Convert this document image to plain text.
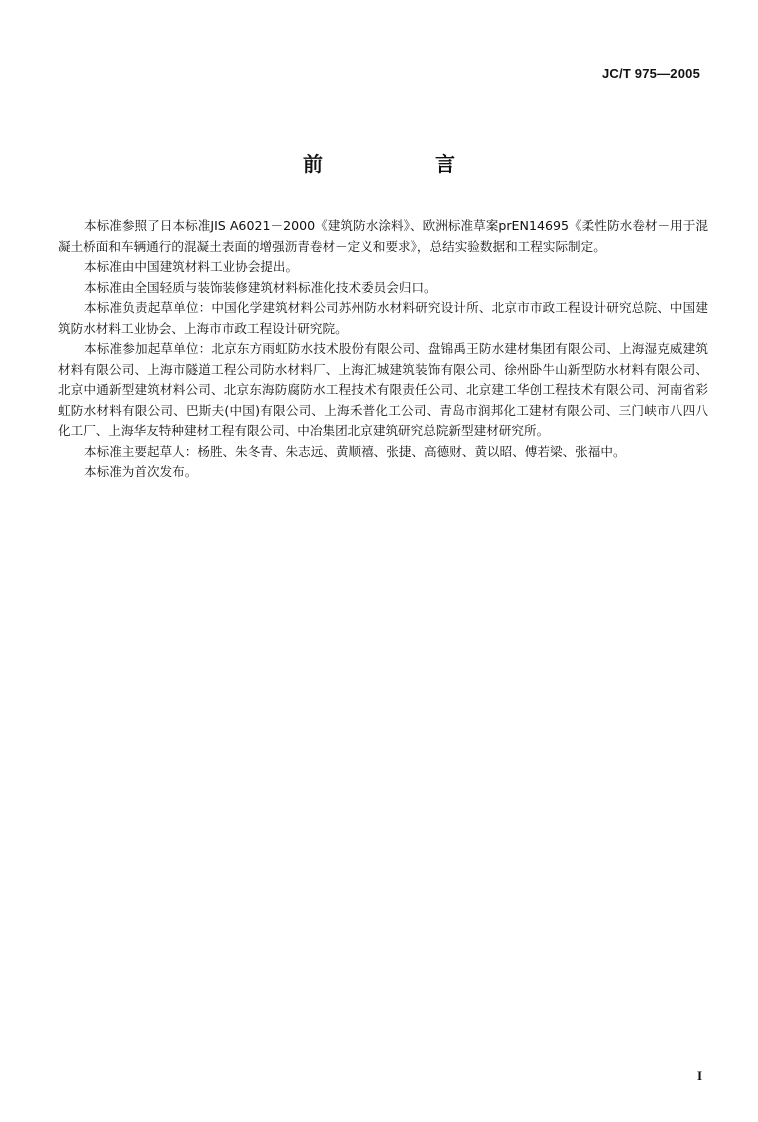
JC/T 975—2005
前　言

本标准参照了日本标准JIS A6021－2000《建筑防水涂料》、欧洲标准草案prEN14695《柔性防水卷材－用于混凝土桥面和车辆通行的混凝土表面的增强沥青卷材－定义和要求》，总结实验数据和工程实际制定。

本标准由中国建筑材料工业协会提出。

本标准由全国轻质与装饰装修建筑材料标准化技术委员会归口。

本标准负责起草单位：中国化学建筑材料公司苏州防水材料研究设计所、北京市市政工程设计研究总院、中国建筑防水材料工业协会、上海市市政工程设计研究院。

本标准参加起草单位：北京东方雨虹防水技术股份有限公司、盘锦禹王防水建材集团有限公司、上海湿克威建筑材料有限公司、上海市隧道工程公司防水材料厂、上海汇城建筑装饰有限公司、徐州卧牛山新型防水材料有限公司、北京中通新型建筑材料公司、北京东海防腐防水工程技术有限责任公司、北京建工华创工程技术有限公司、河南省彩虹防水材料有限公司、巴斯夫(中国)有限公司、上海禾普化工公司、青岛市润邦化工建材有限公司、三门峡市八四八化工厂、上海华友特种建材工程有限公司、中冶集团北京建筑研究总院新型建材研究所。

本标准主要起草人：杨胜、朱冬青、朱志远、黄顺禧、张捷、高德财、黄以昭、傅若梁、张福中。

本标准为首次发布。

I
